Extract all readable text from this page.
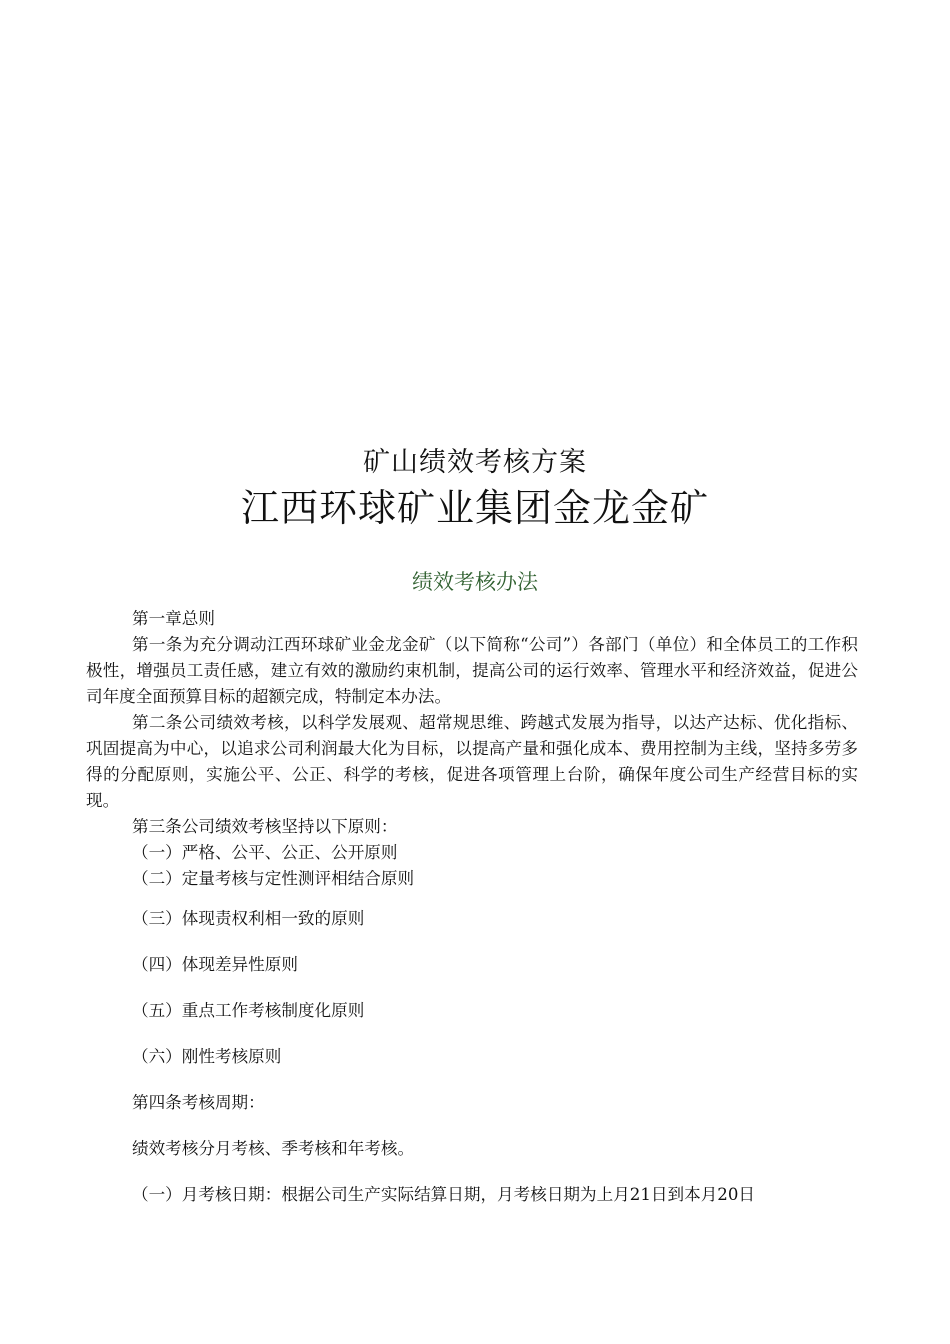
矿山绩效考核方案
江西环球矿业集团金龙金矿
绩效考核办法

第一章总则

第一条为充分调动江西环球矿业金龙金矿（以下简称“公司”）各部门（单位）和全体员工的工作积极性，增强员工责任感，建立有效的激励约束机制，提高公司的运行效率、管理水平和经济效益，促进公司年度全面预算目标的超额完成，特制定本办法。

第二条公司绩效考核，以科学发展观、超常规思维、跨越式发展为指导，以达产达标、优化指标、巩固提高为中心，以追求公司利润最大化为目标，以提高产量和强化成本、费用控制为主线，坚持多劳多得的分配原则，实施公平、公正、科学的考核，促进各项管理上台阶，确保年度公司生产经营目标的实现。

第三条公司绩效考核坚持以下原则：

（一）严格、公平、公正、公开原则

（二）定量考核与定性测评相结合原则

（三）体现责权利相一致的原则

（四）体现差异性原则

（五）重点工作考核制度化原则

（六）刚性考核原则

第四条考核周期：

绩效考核分月考核、季考核和年考核。

（一）月考核日期：根据公司生产实际结算日期，月考核日期为上月21日到本月20日
